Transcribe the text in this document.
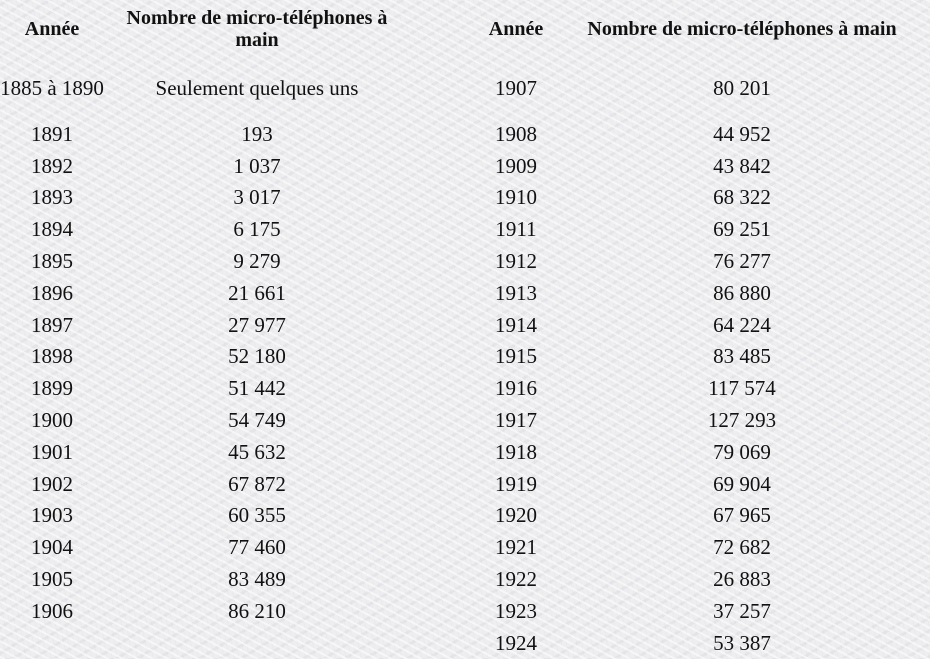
Année	Nombre de micro-téléphones à main
1885 à 1890	Seulement quelques uns
1891	193
1892	1 037
1893	3 017
1894	6 175
1895	9 279
1896	21 661
1897	27 977
1898	52 180
1899	51 442
1900	54 749
1901	45 632
1902	67 872
1903	60 355
1904	77 460
1905	83 489
1906	86 210
Année	Nombre de micro-téléphones à main
1907	80 201
1908	44 952
1909	43 842
1910	68 322
1911	69 251
1912	76 277
1913	86 880
1914	64 224
1915	83 485
1916	117 574
1917	127 293
1918	79 069
1919	69 904
1920	67 965
1921	72 682
1922	26 883
1923	37 257
1924	53 387
